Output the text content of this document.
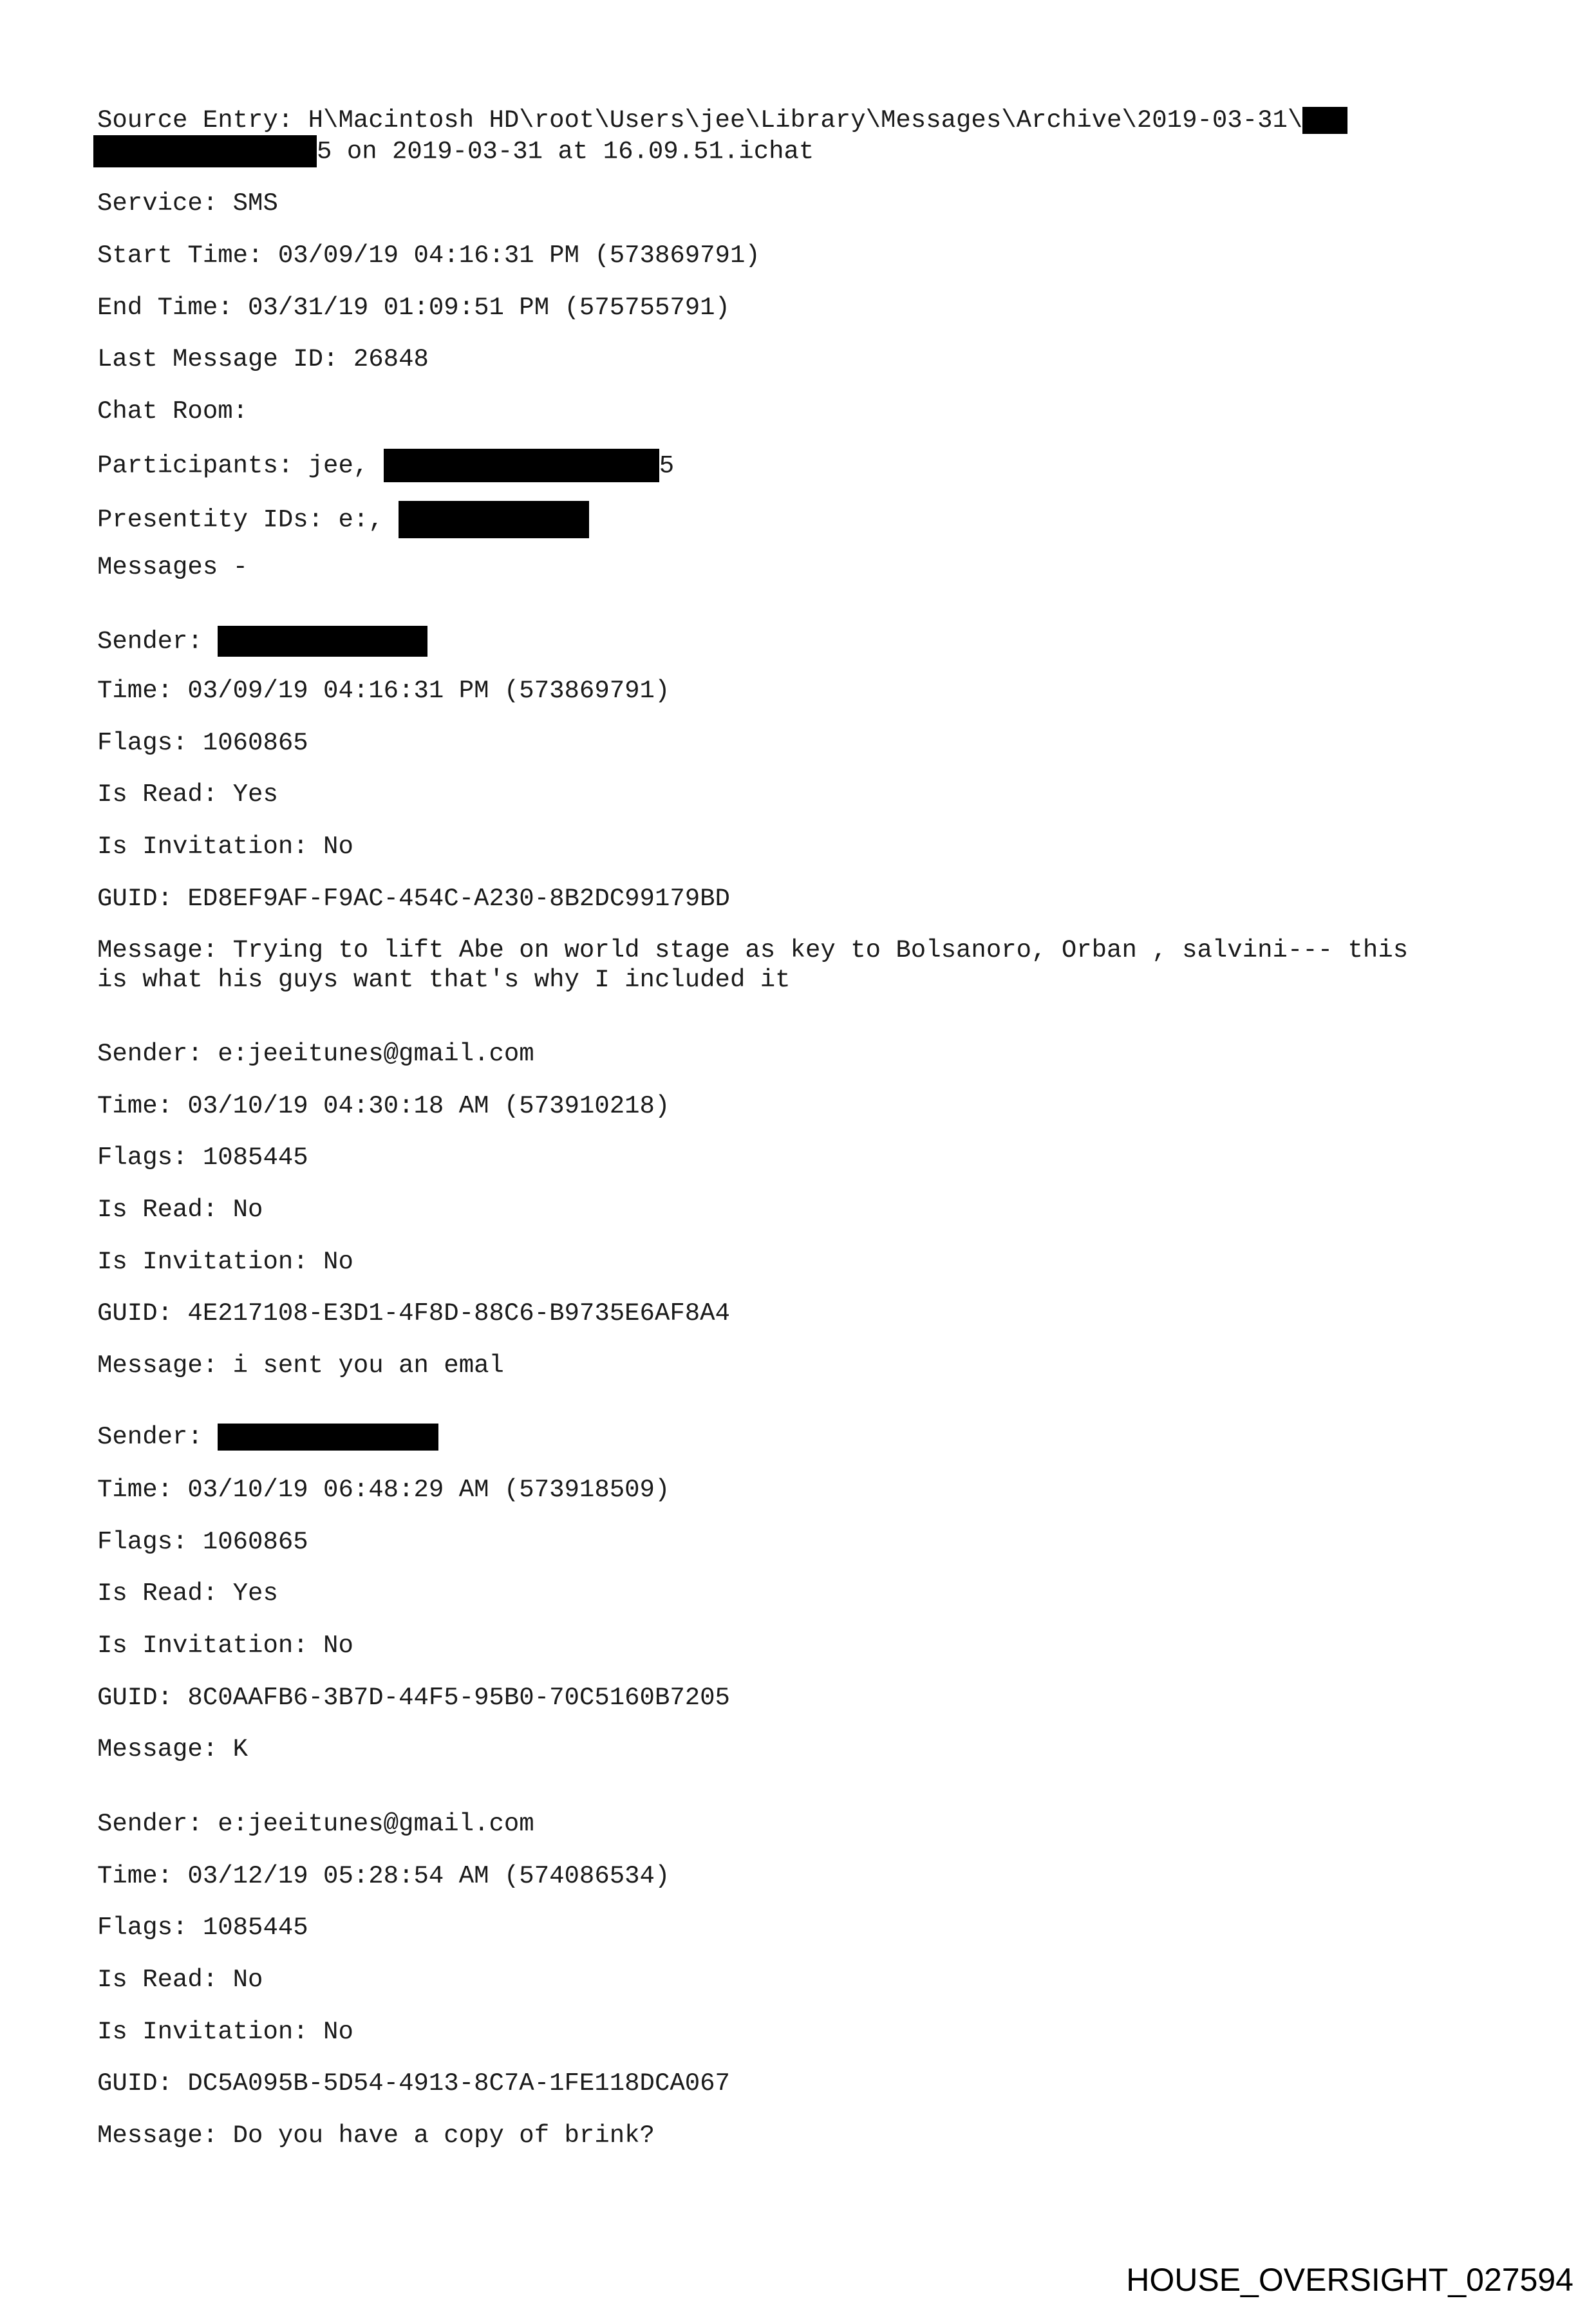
Source Entry: H\Macintosh HD\root\Users\jee\Library\Messages\Archive\2019-03-31\
5 on 2019-03-31 at 16.09.51.ichat
Service: SMS
Start Time: 03/09/19 04:16:31 PM (573869791)
End Time: 03/31/19 01:09:51 PM (575755791)
Last Message ID: 26848
Chat Room:
Participants: jee,	5
Presentity IDs: e:,
Messages -
Sender:
Time: 03/09/19 04:16:31 PM (573869791)
Flags: 1060865
Is Read: Yes
Is Invitation: No
GUID: ED8EF9AF-F9AC-454C-A230-8B2DC99179BD
Message: Trying to lift Abe on world stage as key to Bolsanoro, Orban , salvini--- this
is what his guys want that's why I included it
Sender: e:jeeitunes@gmail.com
Time: 03/10/19 04:30:18 AM (573910218)
Flags: 1085445
Is Read: No
Is Invitation: No
GUID: 4E217108-E3D1-4F8D-88C6-B9735E6AF8A4
Message: i sent you an emal
Sender:
Time: 03/10/19 06:48:29 AM (573918509)
Flags: 1060865
Is Read: Yes
Is Invitation: No
GUID: 8C0AAFB6-3B7D-44F5-95B0-70C5160B7205
Message: K
Sender: e:jeeitunes@gmail.com
Time: 03/12/19 05:28:54 AM (574086534)
Flags: 1085445
Is Read: No
Is Invitation: No
GUID: DC5A095B-5D54-4913-8C7A-1FE118DCA067
Message: Do you have a copy of brink?
HOUSE_OVERSIGHT_027594
